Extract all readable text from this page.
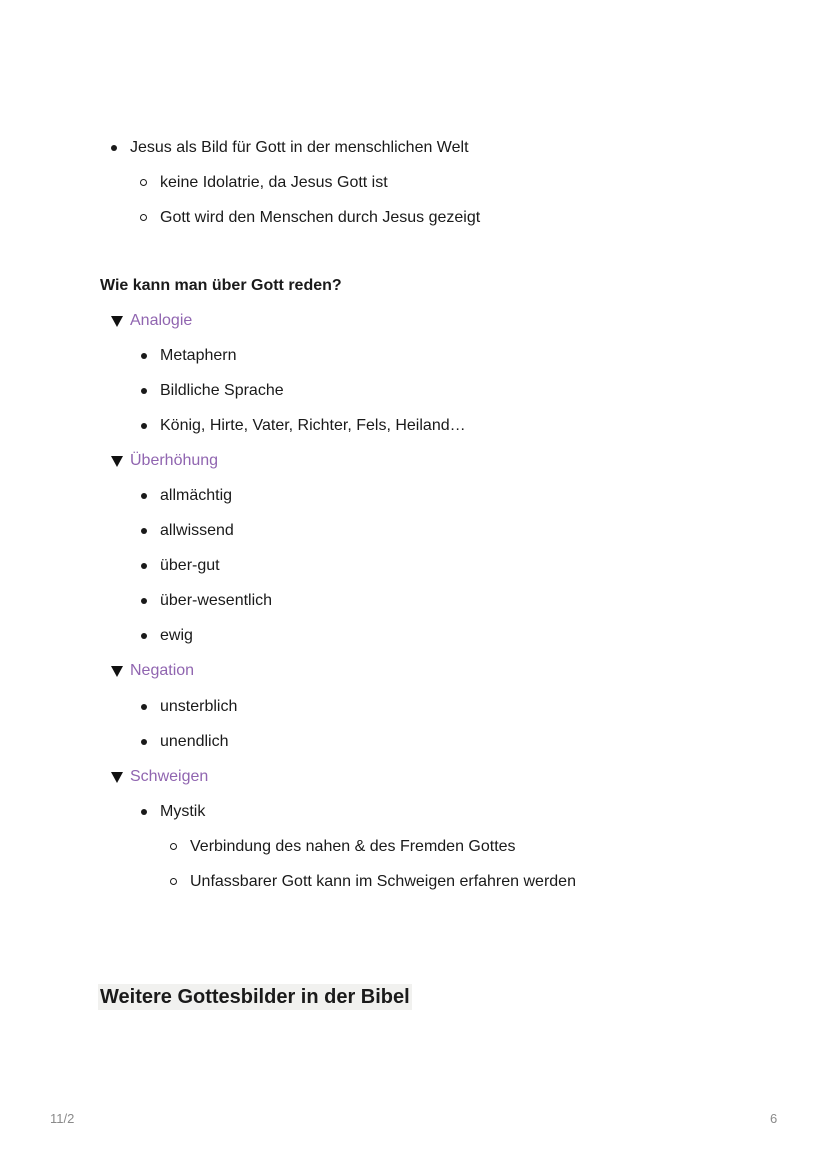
Jesus als Bild für Gott in der menschlichen Welt
keine Idolatrie, da Jesus Gott ist
Gott wird den Menschen durch Jesus gezeigt
Wie kann man über Gott reden?
Analogie
Metaphern
Bildliche Sprache
König, Hirte, Vater, Richter, Fels, Heiland…
Überhöhung
allmächtig
allwissend
über-gut
über-wesentlich
ewig
Negation
unsterblich
unendlich
Schweigen
Mystik
Verbindung des nahen & des Fremden Gottes
Unfassbarer Gott kann im Schweigen erfahren werden
Weitere Gottesbilder in der Bibel
11/2	6
